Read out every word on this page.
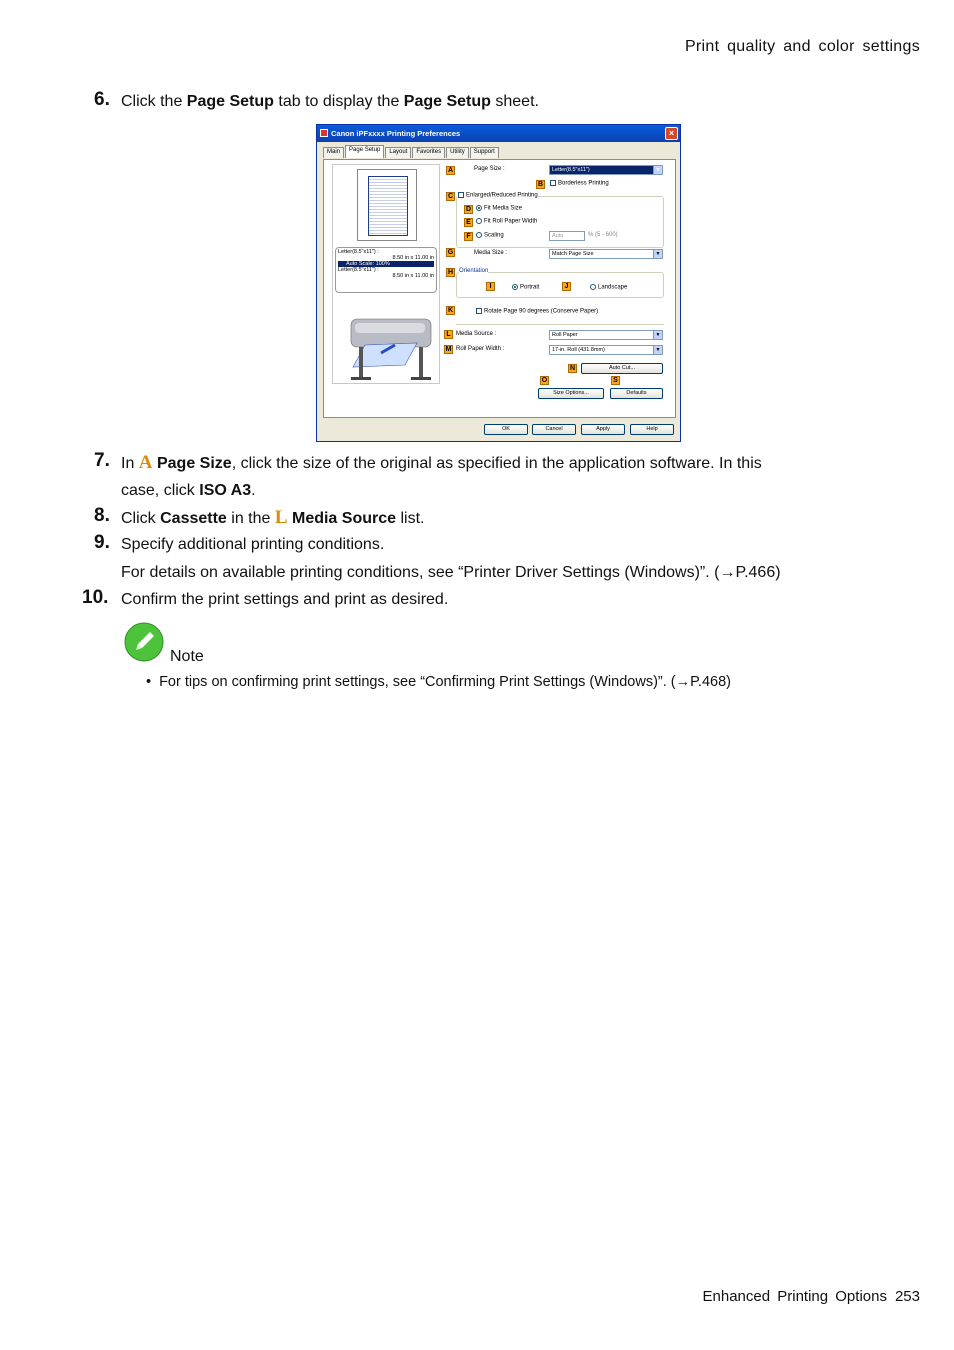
Print quality and color settings
6. Click the Page Setup tab to display the Page Setup sheet.
Canon iPFxxxx Printing Preferences	×
Main	Page Setup	Layout	Favorites	Utility	Support
Letter(8.5"x11") :
8.50 in x 11.00 in
Auto Scale: 100%
Letter(8.5"x11") :
8.50 in x 11.00 in
A	Page Size :	Letter(8.5"x11")	▼
B	Borderless Printing
C	Enlarged/Reduced Printing
D	Fit Media Size
E	Fit Roll Paper Width
F	Scaling	Auto	% (5 - 600)
G	Media Size :	Match Page Size	▼
H Orientation
I	Portrait	J	Landscape
K	Rotate Page 90 degrees (Conserve Paper)
L Media Source :	Roll Paper	▼
M Roll Paper Width :	17-in. Roll (431.8mm)	▼
N	Auto Cut...
O	S
Size Options...	Defaults
OK	Cancel	Apply	Help
7. In A Page Size, click the size of the original as specified in the application software. In this
case, click ISO A3.
8. Click Cassette in the L Media Source list.
9. Specify additional printing conditions.
For details on available printing conditions, see “Printer Driver Settings (Windows)”. (→P.466)
10. Confirm the print settings and print as desired.
Note
• For tips on confirming print settings, see “Confirming Print Settings (Windows)”. (→P.468)
Enhanced Printing Options 253
